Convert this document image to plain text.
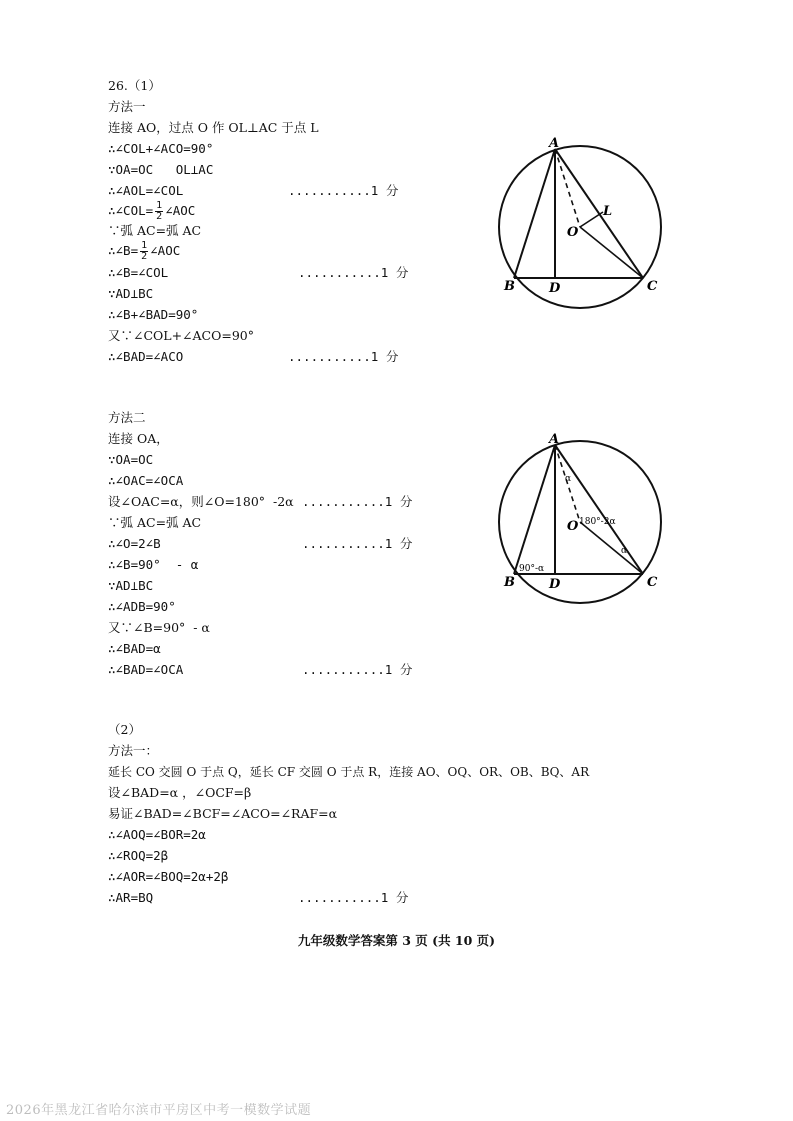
26.（1）
方法一
连接 AO，过点 O 作 OL⊥AC 于点 L
∴∠COL+∠ACO=90°
∵OA=OC   OL⊥AC
∴∠AOL=∠COL	...........1 分
∴∠COL= $\frac{1}{2}$ ∠AOC
∵弧 AC=弧 AC
∴∠B= $\frac{1}{2}$ ∠AOC
∴∠B=∠COL	...........1 分
∵AD⊥BC
∴∠B+∠BAD=90°
又∵∠COL+∠ACO=90°
∴∠BAD=∠ACO	...........1 分
A
B	C
D
O
L
方法二
连接 OA，
∵OA=OC
∴∠OAC=∠OCA
设∠OAC=α，则∠O=180°  -2α ...........1 分
∵弧 AC=弧 AC
∴∠O=2∠B	...........1 分
∴∠B=90°  - α
∵AD⊥BC
∴∠ADB=90°
又∵∠B=90°  - α
∴∠BAD=α
∴∠BAD=∠OCA	...........1 分
A
B	C
D
O
α
α
180°-2α
90°-α
（2）
方法一：
延长 CO 交圆 O 于点 Q，延长 CF 交圆 O 于点 R，连接 AO、OQ、OR、OB、BQ、AR
设∠BAD=α ，∠OCF=β
易证∠BAD=∠BCF=∠ACO=∠RAF=α
∴∠AOQ=∠BOR=2α
∴∠ROQ=2β
∴∠AOR=∠BOQ=2α+2β
∴AR=BQ	...........1 分
九年级数学答案第 3 页 (共 10 页)
2026年黑龙江省哈尔滨市平房区中考一模数学试题
